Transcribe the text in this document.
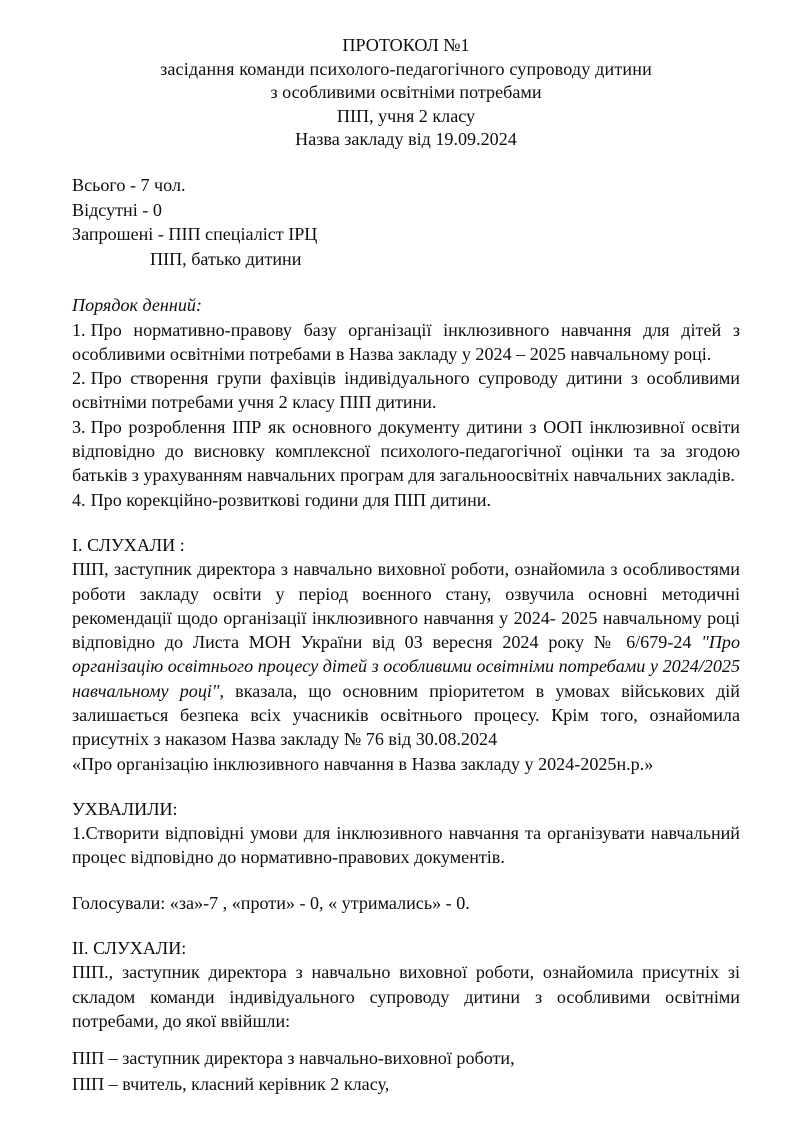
ПРОТОКОЛ №1
засідання команди психолого-педагогічного супроводу дитини
з особливими освітніми потребами
ПІП, учня 2 класу
Назва закладу від 19.09.2024
Всього - 7 чол.
Відсутні - 0
Запрошені - ПІП спеціаліст ІРЦ
ПІП, батько дитини
Порядок денний:

1. Про нормативно-правову базу організації інклюзивного навчання для дітей з особливими освітніми потребами в Назва закладу у 2024 – 2025 навчальному році.

2. Про створення групи фахівців індивідуального супроводу дитини з особливими освітніми потребами учня 2 класу ПІП дитини.

3. Про розроблення ІПР як основного документу дитини з ООП інклюзивної освіти відповідно до висновку комплексної психолого-педагогічної оцінки та за згодою батьків з урахуванням навчальних програм для загальноосвітніх навчальних закладів.

4. Про корекційно-розвиткові години для ПІП дитини.

I. СЛУХАЛИ :

ПІП, заступник директора з навчально виховної роботи, ознайомила з особливостями роботи закладу освіти у період воєнного стану, озвучила основні методичні рекомендації щодо організації інклюзивного навчання у 2024- 2025 навчальному році відповідно до Листа МОН України від 03 вересня 2024 року № 6/679-24 "Про організацію освітнього процесу дітей з особливими освітніми потребами у 2024/2025 навчальному році", вказала, що основним пріоритетом в умовах військових дій залишається безпека всіх учасників освітнього процесу. Крім того, ознайомила присутніх з наказом Назва закладу № 76 від 30.08.2024

«Про організацію інклюзивного навчання в Назва закладу у 2024-2025н.р.»

УХВАЛИЛИ:

1.Створити відповідні умови для інклюзивного навчання та організувати навчальний процес відповідно до нормативно-правових документів.

Голосували: «за»-7 , «проти» - 0, « утримались» - 0.

II. СЛУХАЛИ:

ПІП., заступник директора з навчально виховної роботи, ознайомила присутніх зі складом команди індивідуального супроводу дитини з особливими освітніми потребами, до якої ввійшли:

ПІП – заступник директора з навчально-виховної роботи,

ПІП – вчитель, класний керівник 2 класу,
